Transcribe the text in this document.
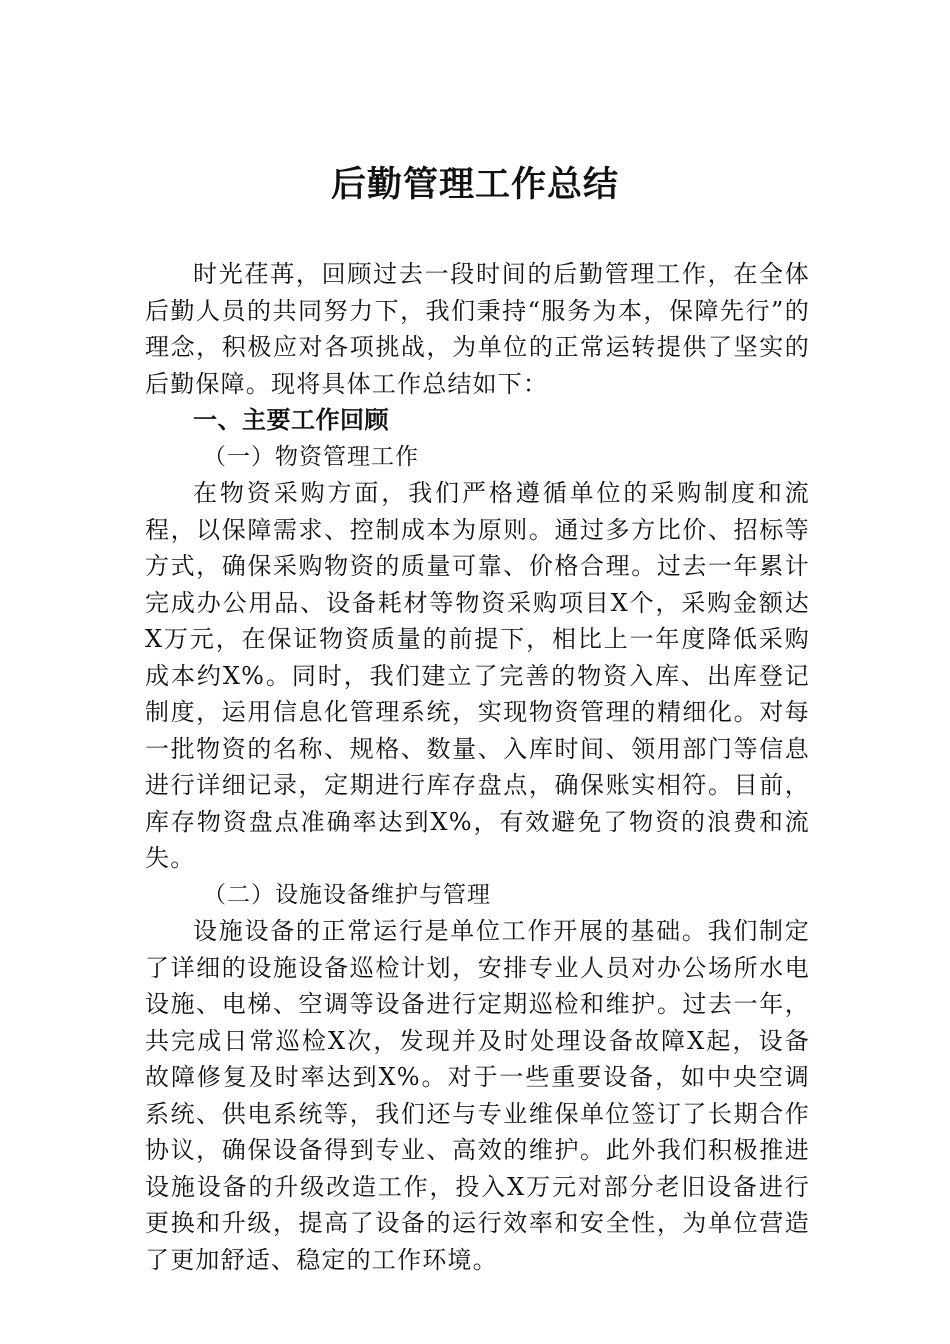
后勤管理工作总结

时光荏苒，回顾过去一段时间的后勤管理工作，在全体后勤人员的共同努力下，我们秉持“服务为本，保障先行”的理念，积极应对各项挑战，为单位的正常运转提供了坚实的后勤保障。现将具体工作总结如下：

一、主要工作回顾

（一）物资管理工作

在物资采购方面，我们严格遵循单位的采购制度和流程，以保障需求、控制成本为原则。通过多方比价、招标等方式，确保采购物资的质量可靠、价格合理。过去一年累计完成办公用品、设备耗材等物资采购项目X个，采购金额达X万元，在保证物资质量的前提下，相比上一年度降低采购成本约X%。同时，我们建立了完善的物资入库、出库登记制度，运用信息化管理系统，实现物资管理的精细化。对每一批物资的名称、规格、数量、入库时间、领用部门等信息进行详细记录，定期进行库存盘点，确保账实相符。目前，库存物资盘点准确率达到X%，有效避免了物资的浪费和流失。

（二）设施设备维护与管理

设施设备的正常运行是单位工作开展的基础。我们制定了详细的设施设备巡检计划，安排专业人员对办公场所水电设施、电梯、空调等设备进行定期巡检和维护。过去一年，共完成日常巡检X次，发现并及时处理设备故障X起，设备故障修复及时率达到X%。对于一些重要设备，如中央空调系统、供电系统等，我们还与专业维保单位签订了长期合作协议，确保设备得到专业、高效的维护。此外我们积极推进设施设备的升级改造工作，投入X万元对部分老旧设备进行更换和升级，提高了设备的运行效率和安全性，为单位营造了更加舒适、稳定的工作环境。
